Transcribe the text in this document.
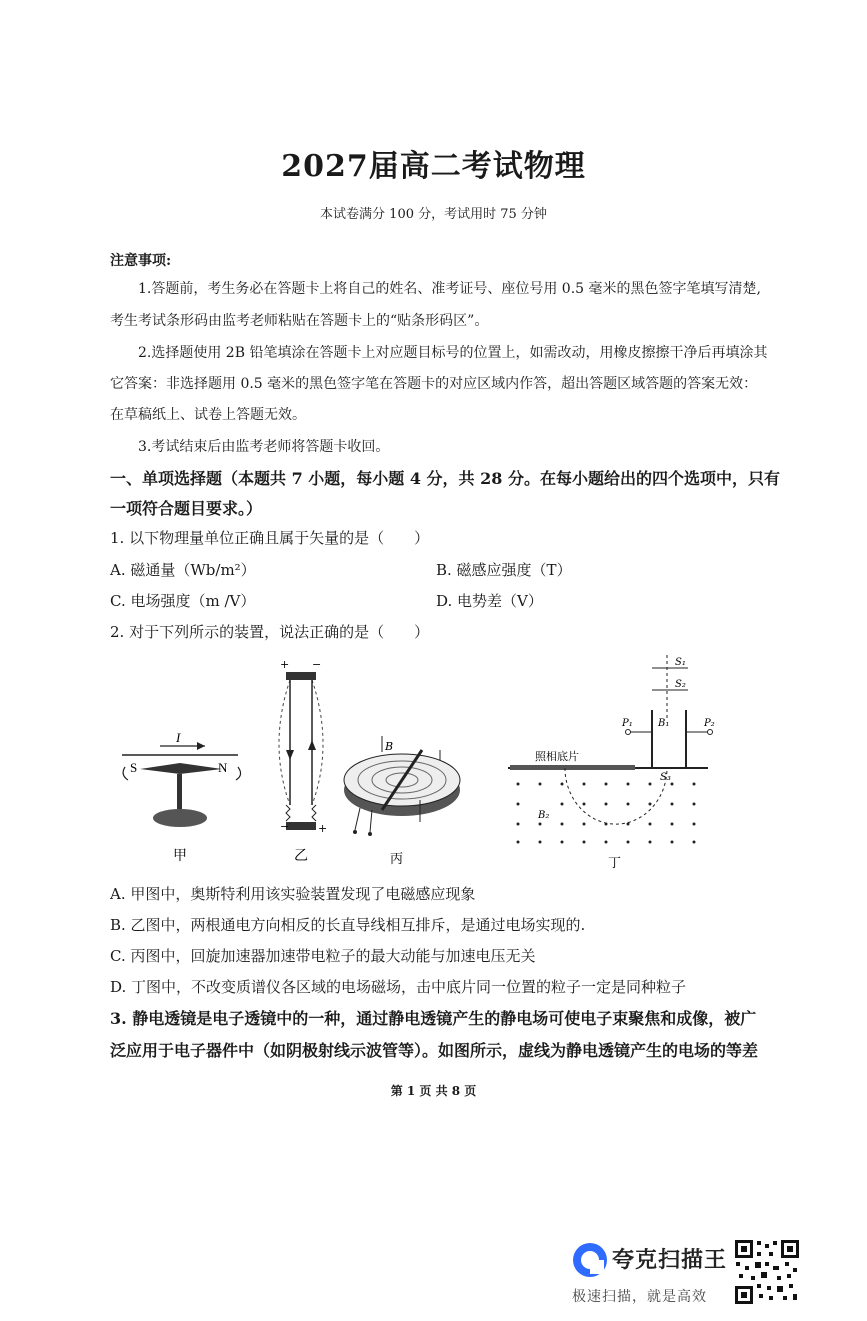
2027届高二考试物理
本试卷满分 100 分，考试用时 75 分钟
注意事项:
1.答题前，考生务必在答题卡上将自己的姓名、准考证号、座位号用 0.5 毫米的黑色签字笔填写清楚,
考生考试条形码由监考老师粘贴在答题卡上的“贴条形码区”。
2.选择题使用 2B 铅笔填涂在答题卡上对应题目标号的位置上，如需改动，用橡皮擦擦干净后再填涂其
它答案：非选择题用 0.5 毫米的黑色签字笔在答题卡的对应区域内作答，超出答题区域答题的答案无效：
在草稿纸上、试卷上答题无效。
3.考试结束后由监考老师将答题卡收回。
一、单项选择题（本题共 7 小题，每小题 4 分，共 28 分。在每小题给出的四个选项中，只有
一项符合题目要求。）
1. 以下物理量单位正确且属于矢量的是（　　）
A. 磁通量（Wb/m²）	B. 磁感应强度（T）
C. 电场强度（m /V）	D. 电势差（V）
2. 对于下列所示的装置，说法正确的是（　　）
I
S	N
甲
+ −
−	+
乙
B
丙
S₁
S₂
P₁	P₂
B₁
照相底片
S₃
B₂
丁
A. 甲图中，奥斯特利用该实验装置发现了电磁感应现象
B. 乙图中，两根通电方向相反的长直导线相互排斥，是通过电场实现的.
C. 丙图中，回旋加速器加速带电粒子的最大动能与加速电压无关
D. 丁图中，不改变质谱仪各区域的电场磁场，击中底片同一位置的粒子一定是同种粒子
3. 静电透镜是电子透镜中的一种，通过静电透镜产生的静电场可使电子束聚焦和成像，被广
泛应用于电子器件中（如阴极射线示波管等）。如图所示，虚线为静电透镜产生的电场的等差
第 1 页 共 8 页
夸克扫描王
极速扫描，就是高效
